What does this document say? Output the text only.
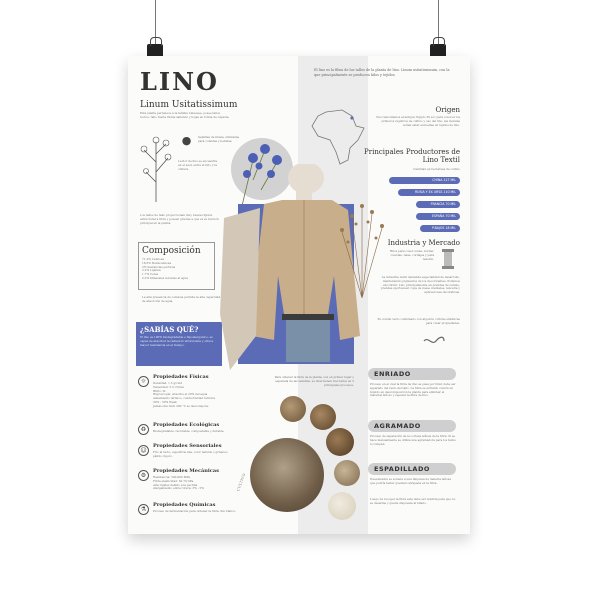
LINO
Linum Usitatissimum
Esta planta pertenece a la familia Linaceae, posee tallos rectos, tallo fuerte fibras saliendo y hojas en forma de cápsula.
● Semillas de linaza, utilizadas para comidas y bebidas.
La flor de lino se encuentra en el azul, entre el lirio y la cultura.
Los tallos de tallo proporcionan muy buena rigidez estructural a fibra y poseen gracias a que es su función principal en la planta.
Composición
71.2% Celulosa
18.6% Hemicelulosa
2% Sustancias pécticas
2.2% Lignina
1.7% Ceras
2.2% Minerales solubles al agua
La alta presencia de celulosa permite la alta capacidad de absorción de agua.
¿SABÍAS QUÉ?
El lino es 100% biodegradable e hipoalergénico, es capaz de absorber la radiación ultravioleta y ofrece mayor resistencia en el tiempo.
☼
Propiedades Físicas
Densidad: 1.5 g/cm3
Tenacidad: 5.5 cN/tex
Brillo: Si
Higroscopía: Absorbe el 20% del agua
Aislamiento térmico, conductividad térmica
30% - 50% Weak
Jamás sino fácil 200 °C se descompone
♻
Propiedades Ecológicas
Biodegradable, reciclable, compostable y durable.
☺
Propiedades Sensoriales
Frío al tacto, superficie lisa, color natural o grisáceo pálido, ligero.
⚙
Propiedades Mecánicas
Resistencia: 500-900 MPa
Fibra elasticidad: 50-70 GPa
Alta rigidez debido a la pectina
Alargamiento entre rotura: 3% - 5%
⚗
Propiedades Químicas
Proceso de fermentación para obtener la fibra. Sin blanco.
Para obtener la fibra de la planta, son en primer lugar y separada de las semillas, se intervienen tres tallos en 3 principales procesos.
CULTIVO
El lino es la fibra de los tallos de la planta de lino. Linum usitatissimum, con la que principalmente se producen hilos y tejidos.
Origen
Nos remontamos al antiguo Egipto 30 a.C para conocer los primeros registros de cultivo y uso del lino, las momias solían estar envueltas en tejidos de lino.
Principales Productores de Lino Textil
Cantidad en hectáreas de cultivo
CHINA 127 MIL
RUSIA Y EX URSS 110 MIL
FRANCIA 70 MIL
ESPAÑA 70 MIL
P.BAJOS 18 MIL
Industria y Mercado
Hilos para coser, lonas, bordar, cuerdas, telas, cordajes y para tensión.
La industria textil demanda especialidad de desarrollo, manteniendo pigmentos de los decolorantes. Podemos encontrar: Lino principalmente en prendas de verano, prendas sportswear, ropa de mesa, manteles, lenceria y aplicaciones decorativas.
Es común verlo combinado con algodón o fibras sintéticas para crear propiedades.
ENRIADO
Proceso en el cual la fibra de lino se pasa por hilar, debe ser separado del resto del tallo. La fibra se extraído común un líquido en descomposición la planta para eliminar el material leñoso y separar la fibra de lino.
AGRAMADO
Proceso de separación de la corteza leñosa de la fibra. Si se hace manualmente se utiliza una agramadora para los tallos lo rompan.
ESPADILLADO
Nuevamente se somete a una limpieza de materia leñosa que podría haber quedado atrapada en la fibra.
Luego de recoger la fibra esta debe ser tendida para que no se desarme y quede dispuesta al hilado.
